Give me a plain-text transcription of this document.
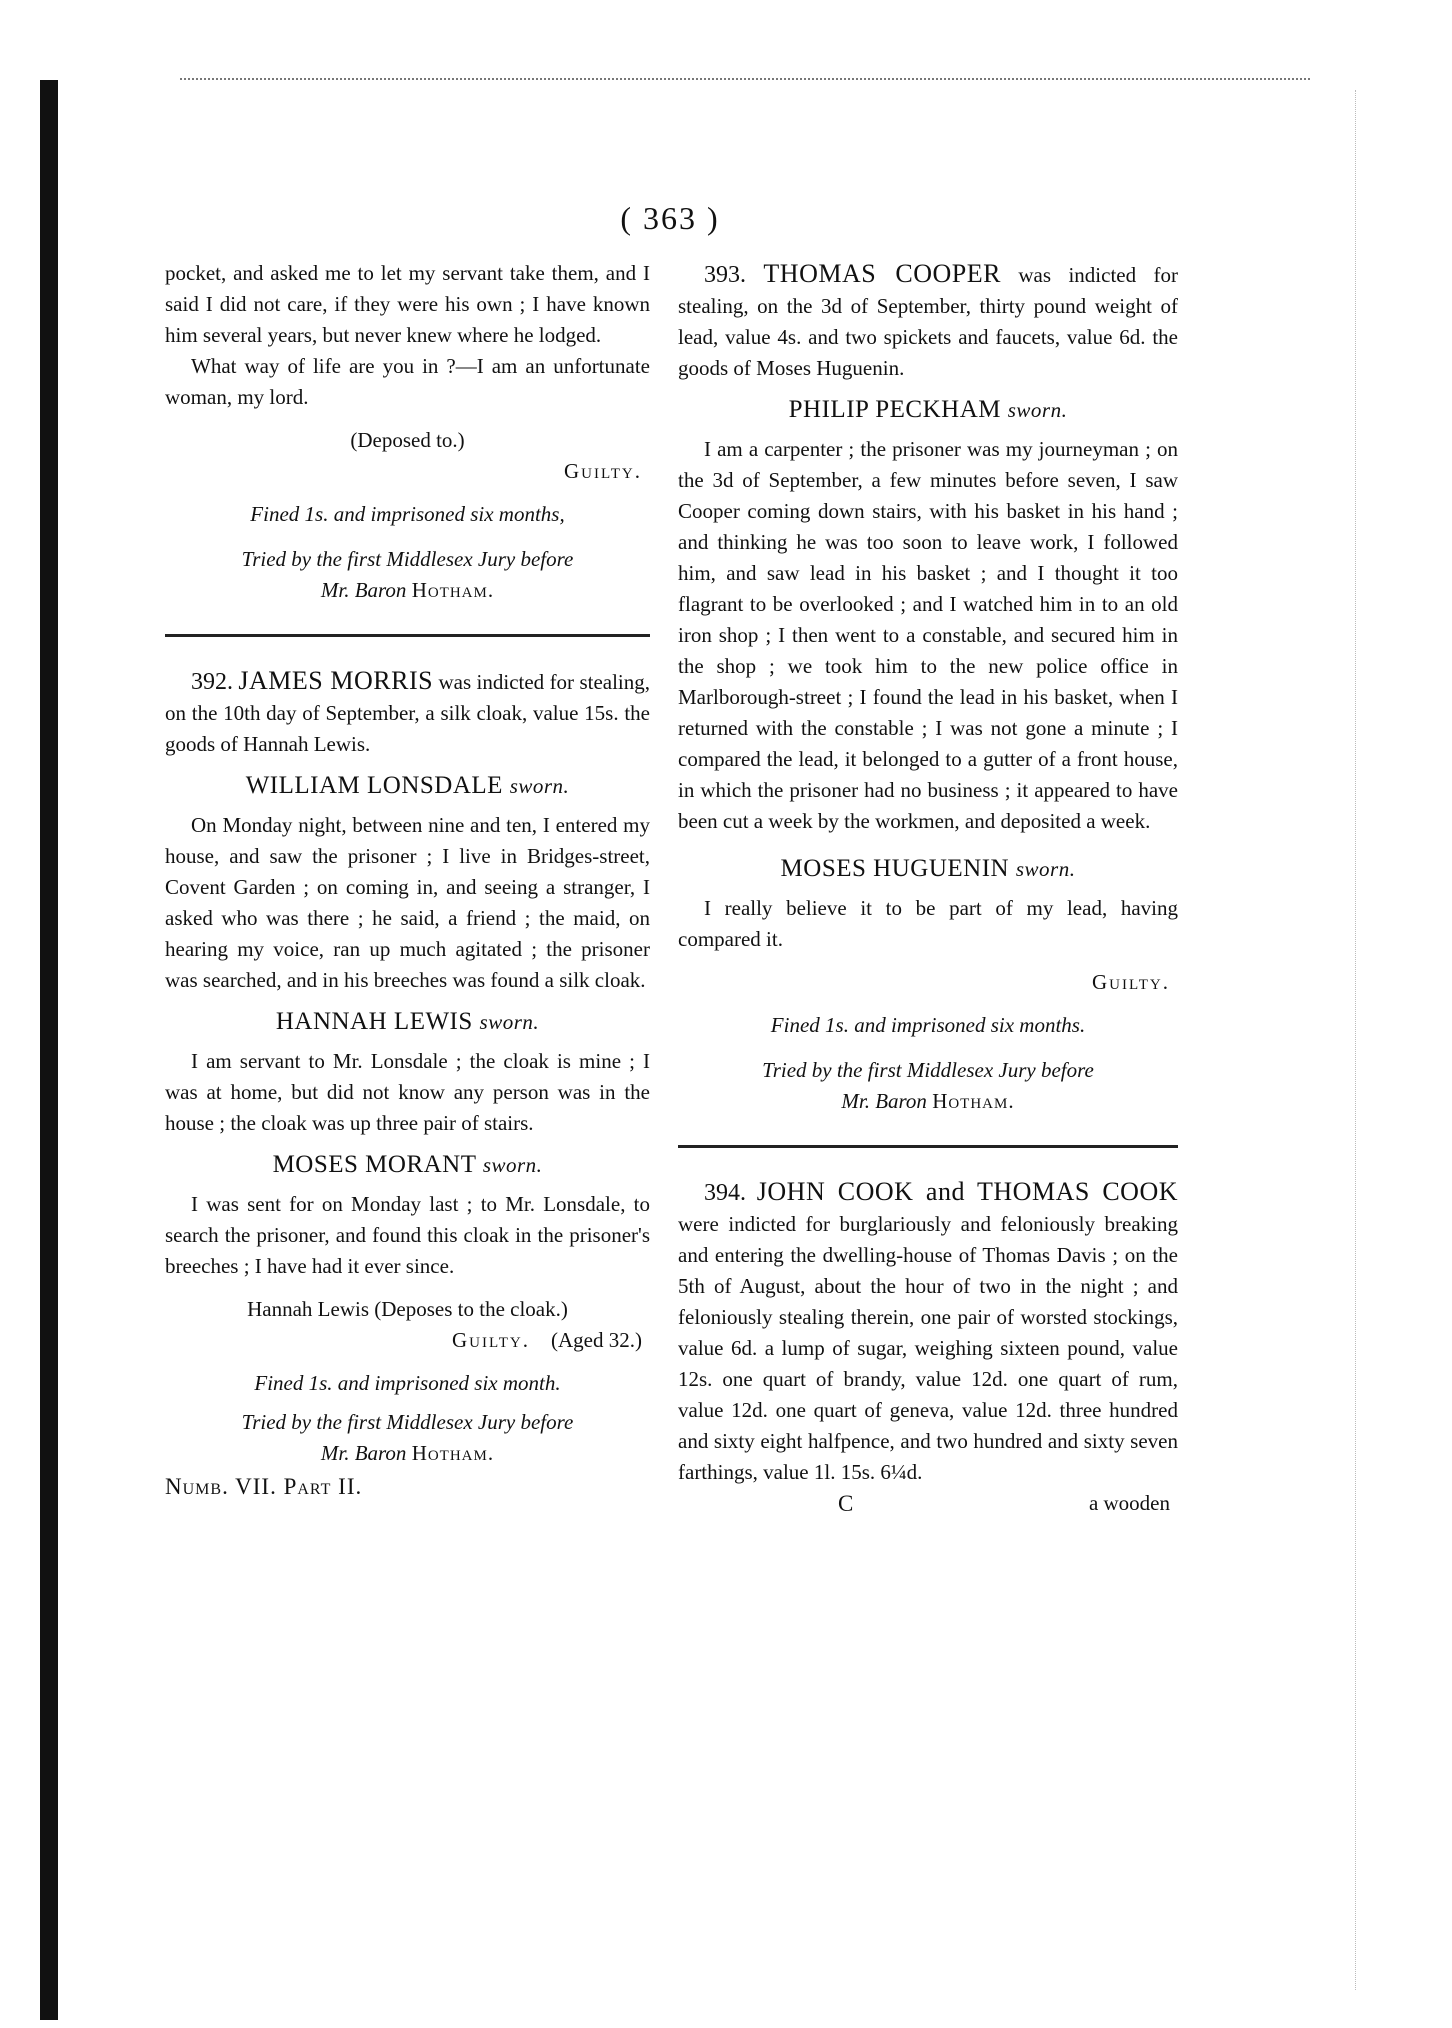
( 363 )

pocket, and asked me to let my servant take them, and I said I did not care, if they were his own ; I have known him several years, but never knew where he lodged.

What way of life are you in ?—I am an unfortunate woman, my lord.

(Deposed to.)

Guilty.

Fined 1s. and imprisoned six months,

Tried by the first Middlesex Jury before
Mr. Baron Hotham.

392. JAMES MORRIS was indicted for stealing, on the 10th day of September, a silk cloak, value 15s. the goods of Hannah Lewis.

WILLIAM LONSDALE sworn.

On Monday night, between nine and ten, I entered my house, and saw the prisoner ; I live in Bridges-street, Covent Garden ; on coming in, and seeing a stranger, I asked who was there ; he said, a friend ; the maid, on hearing my voice, ran up much agitated ; the prisoner was searched, and in his breeches was found a silk cloak.

HANNAH LEWIS sworn.

I am servant to Mr. Lonsdale ; the cloak is mine ; I was at home, but did not know any person was in the house ; the cloak was up three pair of stairs.

MOSES MORANT sworn.

I was sent for on Monday last ; to Mr. Lonsdale, to search the prisoner, and found this cloak in the prisoner's breeches ; I have had it ever since.

Hannah Lewis (Deposes to the cloak.)

Guilty. (Aged 32.)

Fined 1s. and imprisoned six month.

Tried by the first Middlesex Jury before
Mr. Baron Hotham.

Numb. VII. Part II.

393. THOMAS COOPER was indicted for stealing, on the 3d of September, thirty pound weight of lead, value 4s. and two spickets and faucets, value 6d. the goods of Moses Huguenin.

PHILIP PECKHAM sworn.

I am a carpenter ; the prisoner was my journeyman ; on the 3d of September, a few minutes before seven, I saw Cooper coming down stairs, with his basket in his hand ; and thinking he was too soon to leave work, I followed him, and saw lead in his basket ; and I thought it too flagrant to be overlooked ; and I watched him in to an old iron shop ; I then went to a constable, and secured him in the shop ; we took him to the new police office in Marlborough-street ; I found the lead in his basket, when I returned with the constable ; I was not gone a minute ; I compared the lead, it belonged to a gutter of a front house, in which the prisoner had no business ; it appeared to have been cut a week by the workmen, and deposited a week.

MOSES HUGUENIN sworn.

I really believe it to be part of my lead, having compared it.

Guilty.

Fined 1s. and imprisoned six months.

Tried by the first Middlesex Jury before
Mr. Baron Hotham.

394. JOHN COOK and THOMAS COOK were indicted for burglariously and feloniously breaking and entering the dwelling-house of Thomas Davis ; on the 5th of August, about the hour of two in the night ; and feloniously stealing therein, one pair of worsted stockings, value 6d. a lump of sugar, weighing sixteen pound, value 12s. one quart of brandy, value 12d. one quart of rum, value 12d. one quart of geneva, value 12d. three hundred and sixty eight halfpence, and two hundred and sixty seven farthings, value 1l. 15s. 6¼d.

C	a wooden
